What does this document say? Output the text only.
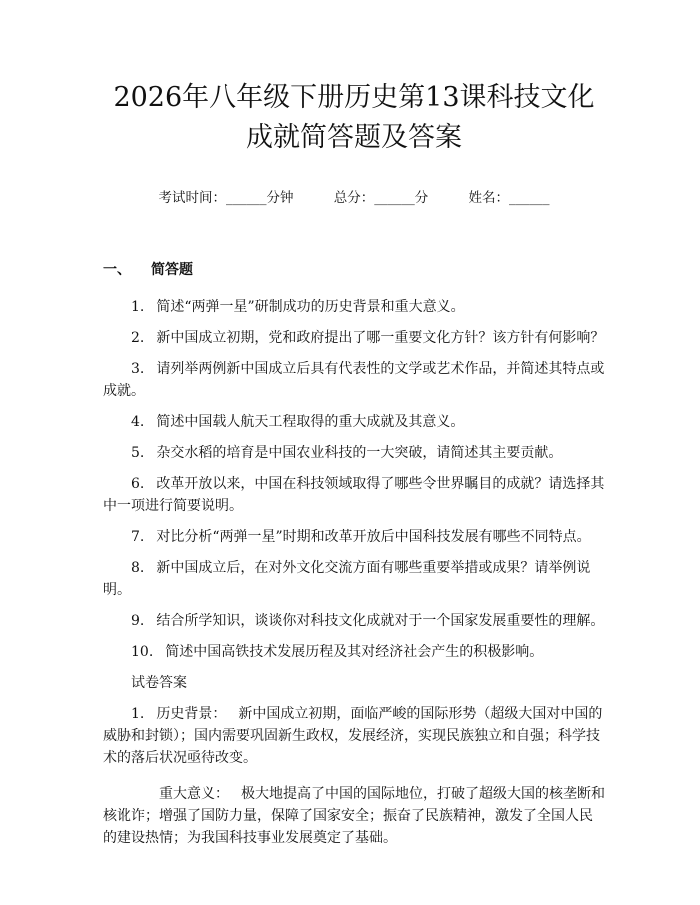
2026年八年级下册历史第13课科技文化成就简答题及答案
考试时间：______分钟	总分：______分	姓名：______
一、 简答题

1. 简述“两弹一星”研制成功的历史背景和重大意义。

2. 新中国成立初期，党和政府提出了哪一重要文化方针？该方针有何影响？

3. 请列举两例新中国成立后具有代表性的文学或艺术作品，并简述其特点或成就。

4. 简述中国载人航天工程取得的重大成就及其意义。

5. 杂交水稻的培育是中国农业科技的一大突破，请简述其主要贡献。

6. 改革开放以来，中国在科技领域取得了哪些令世界瞩目的成就？请选择其中一项进行简要说明。

7. 对比分析“两弹一星”时期和改革开放后中国科技发展有哪些不同特点。

8. 新中国成立后，在对外文化交流方面有哪些重要举措或成果？请举例说明。

9. 结合所学知识，谈谈你对科技文化成就对于一个国家发展重要性的理解。

10. 简述中国高铁技术发展历程及其对经济社会产生的积极影响。

试卷答案

1. 历史背景： 新中国成立初期，面临严峻的国际形势（超级大国对中国的威胁和封锁）；国内需要巩固新生政权，发展经济，实现民族独立和自强；科学技术的落后状况亟待改变。

重大意义： 极大地提高了中国的国际地位，打破了超级大国的核垄断和核讹诈；增强了国防力量，保障了国家安全；振奋了民族精神，激发了全国人民的建设热情；为我国科技事业发展奠定了基础。
